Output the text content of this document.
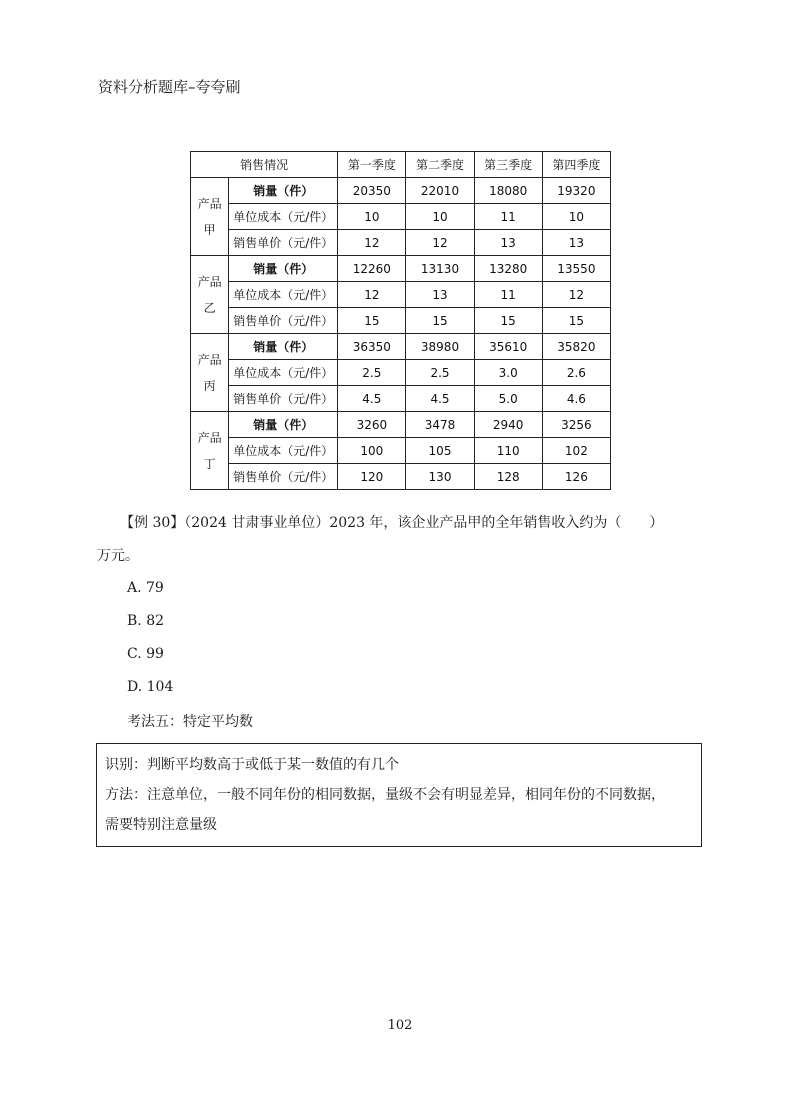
资料分析题库–夸夸刷
销售情况		第一季度	第二季度	第三季度	第四季度

产品
甲	销量（件）	20350	22010	18080	19320
	单位成本（元/件）	10	10	11	10
	销售单价（元/件）	12	12	13	13

产品
乙	销量（件）	12260	13130	13280	13550
	单位成本（元/件）	12	13	11	12
	销售单价（元/件）	15	15	15	15

产品
丙	销量（件）	36350	38980	35610	35820
	单位成本（元/件）	2.5	2.5	3.0	2.6
	销售单价（元/件）	4.5	4.5	5.0	4.6

产品
丁	销量（件）	3260	3478	2940	3256
	单位成本（元/件）	100	105	110	102
	销售单价（元/件）	120	130	128	126
【例 30】（2024 甘肃事业单位）2023 年，该企业产品甲的全年销售收入约为（　　）
万元。
A. 79
B. 82
C. 99
D. 104
考法五：特定平均数
识别：判断平均数高于或低于某一数值的有几个
方法：注意单位，一般不同年份的相同数据，量级不会有明显差异，相同年份的不同数据，
需要特别注意量级
102
